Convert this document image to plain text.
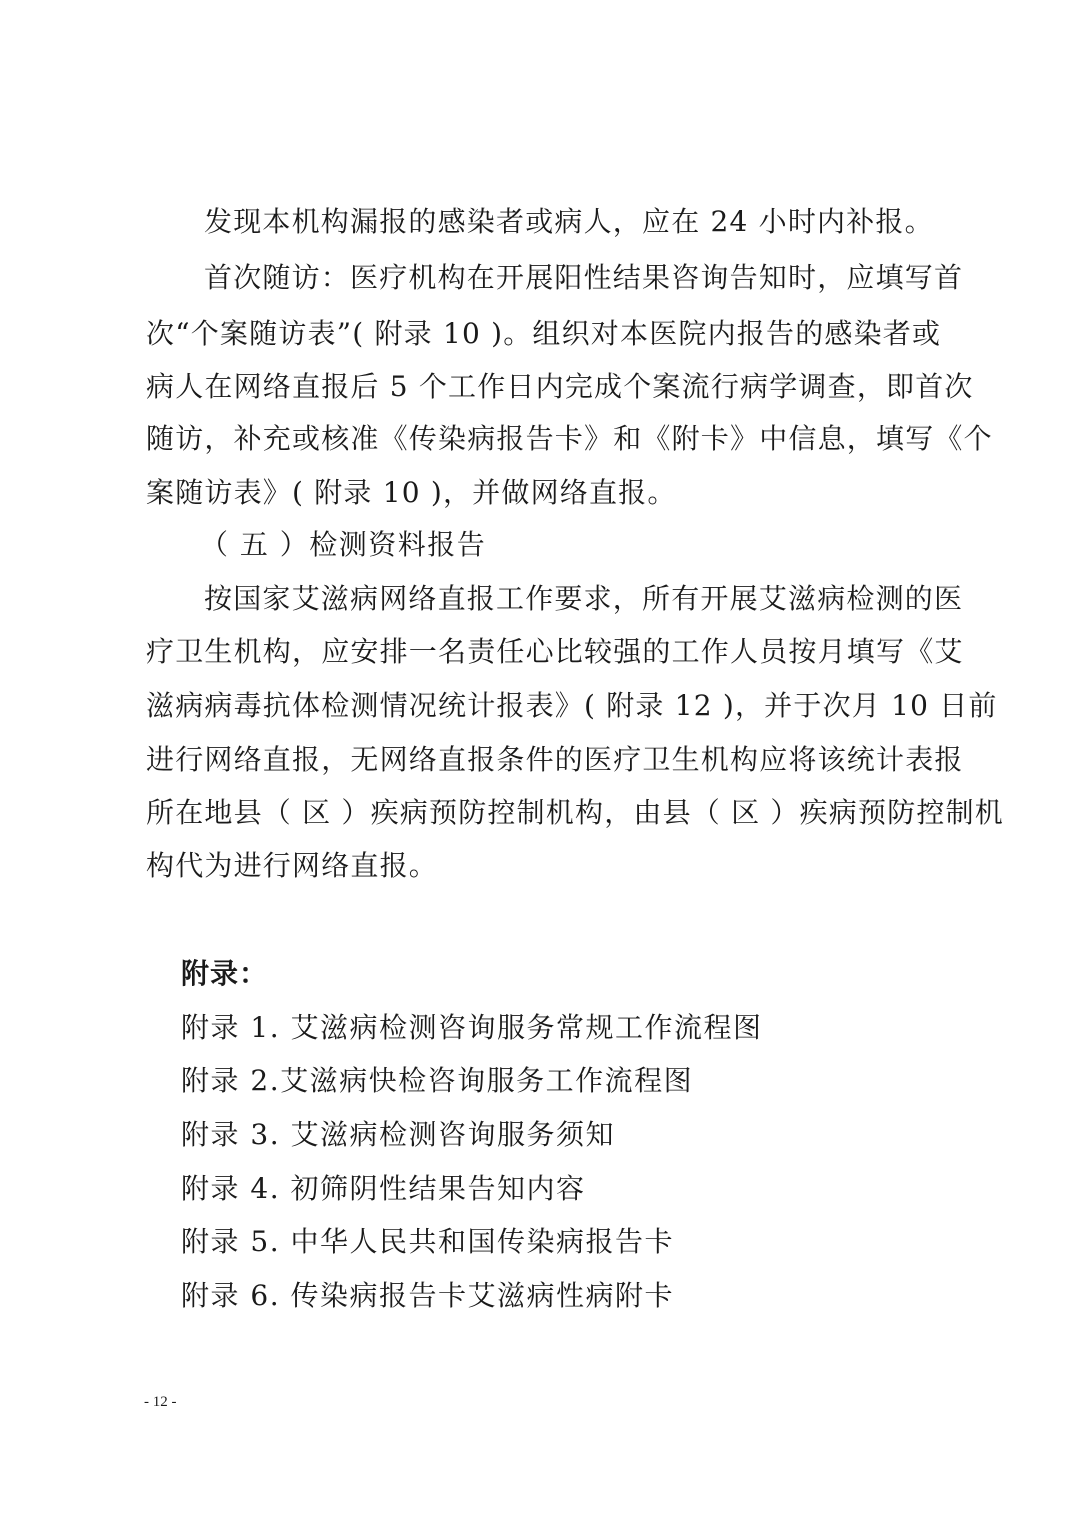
发现本机构漏报的感染者或病人，应在 24 小时内补报。
首次随访：医疗机构在开展阳性结果咨询告知时，应填写首
次“个案随访表”( 附录 10 )。组织对本医院内报告的感染者或
病人在网络直报后 5 个工作日内完成个案流行病学调查，即首次
随访，补充或核准《传染病报告卡》和《附卡》中信息，填写《个
案随访表》( 附录 10 )，并做网络直报。
（ 五 ）检测资料报告
按国家艾滋病网络直报工作要求，所有开展艾滋病检测的医
疗卫生机构，应安排一名责任心比较强的工作人员按月填写《艾
滋病病毒抗体检测情况统计报表》( 附录 12 )，并于次月 10 日前
进行网络直报，无网络直报条件的医疗卫生机构应将该统计表报
所在地县（ 区 ）疾病预防控制机构，由县（ 区 ）疾病预防控制机
构代为进行网络直报。
附录：
附录 1. 艾滋病检测咨询服务常规工作流程图
附录 2.艾滋病快检咨询服务工作流程图
附录 3. 艾滋病检测咨询服务须知
附录 4. 初筛阴性结果告知内容
附录 5. 中华人民共和国传染病报告卡
附录 6. 传染病报告卡艾滋病性病附卡
- 12 -
